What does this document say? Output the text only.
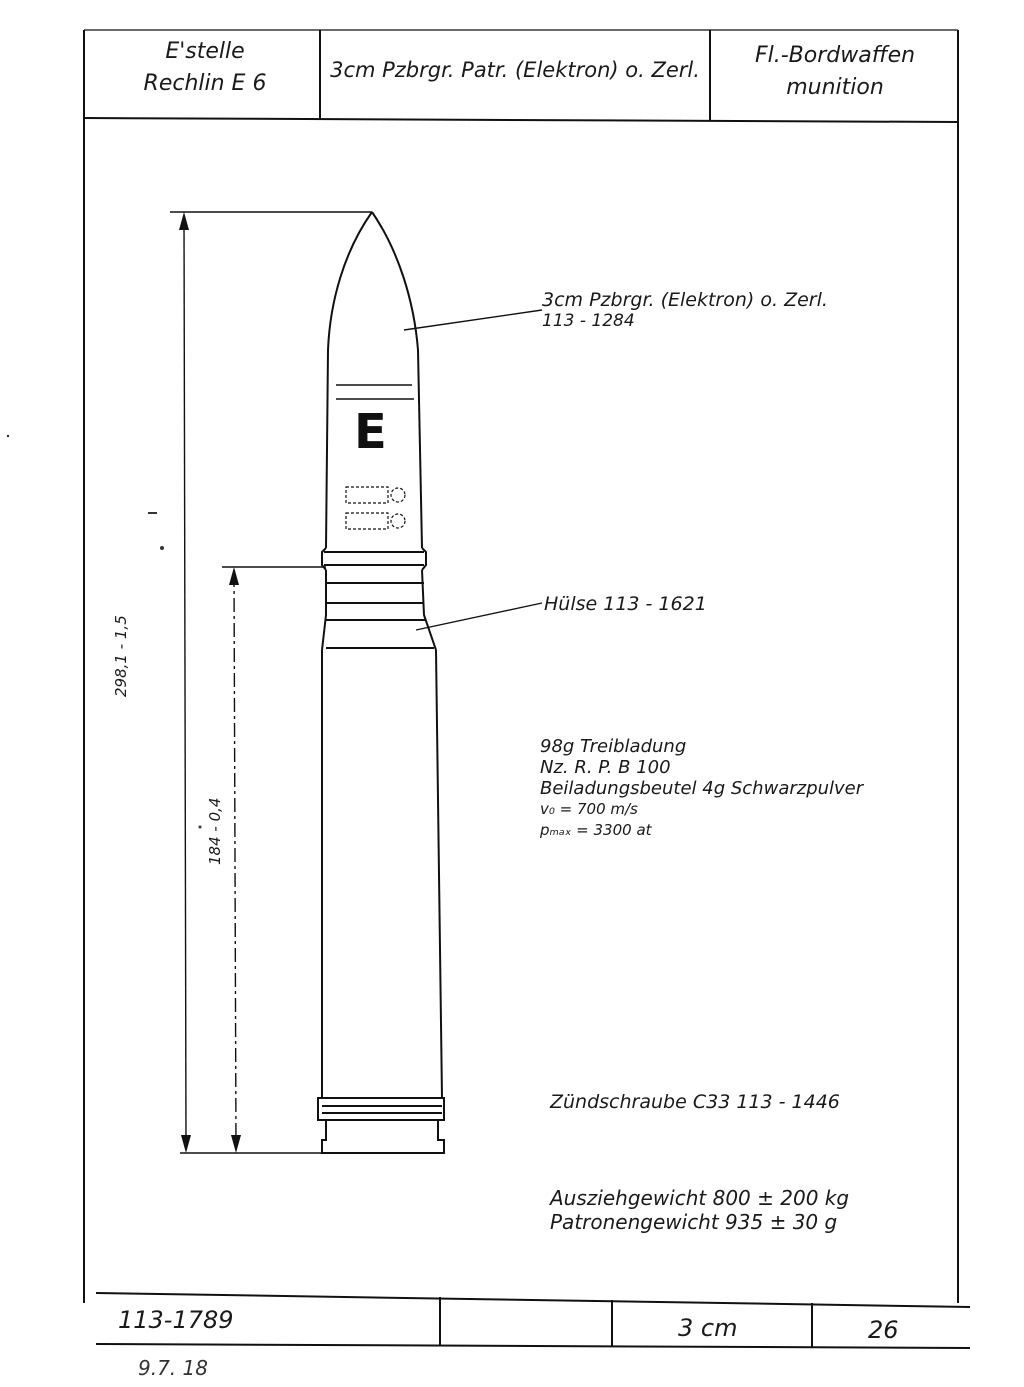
E'stelle
Rechlin E 6
3cm Pzbrgr. Patr. (Elektron) o. Zerl.
Fl.-Bordwaffen
munition
E
3cm Pzbrgr. (Elektron) o. Zerl.
113 - 1284
Hülse 113 - 1621
98g Treibladung
Nz. R. P. B 100
Beiladungsbeutel 4g Schwarzpulver
v₀ = 700 m/s
pₘₐₓ = 3300 at
Zündschraube C33 113 - 1446
Ausziehgewicht 800 ± 200 kg
Patronengewicht 935 ± 30 g
298,1 - 1,5
184 - 0,4
113-1789	3 cm	26
9.7. 18
